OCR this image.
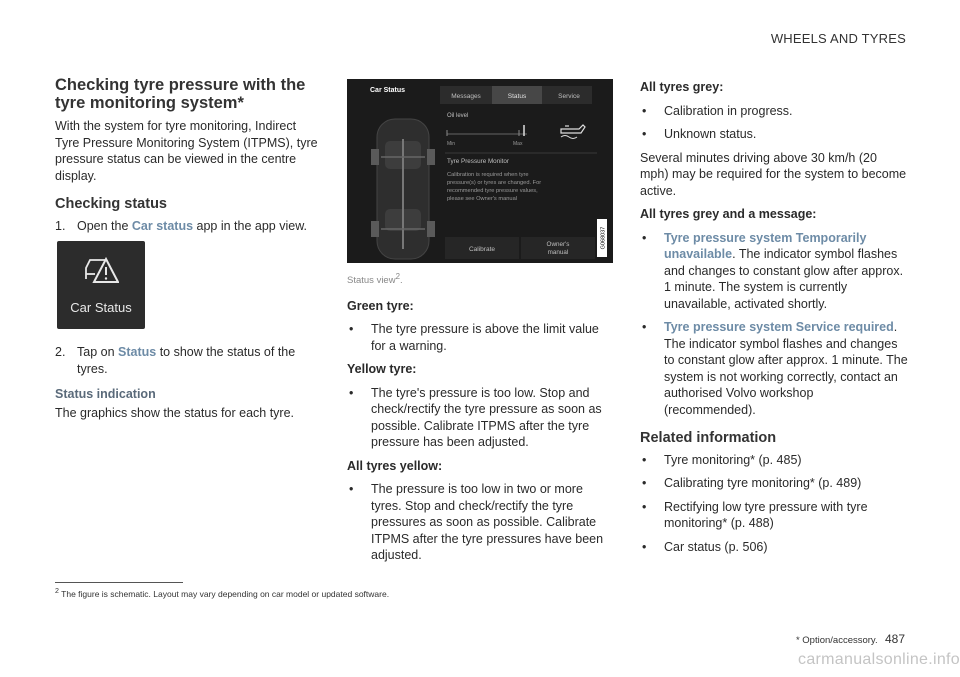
WHEELS AND TYRES
Checking tyre pressure with the tyre monitoring system*

With the system for tyre monitoring, Indirect Tyre Pressure Monitoring System (ITPMS), tyre pressure status can be viewed in the centre display.

Checking status
1. Open the Car status app in the app view.
Car Status
2. Tap on Status to show the status of the tyres.
Status indication

The graphics show the status for each tyre.

Car Status
Messages	Status	Service
Oil level
Min	Max
Tyre Pressure Monitor
Calibration is required when tyre
pressure(s) or tyres are changed. For
recommended tyre pressure values,
please see Owner's manual
Calibrate
Owner's
manual
G068037

Status view$^2$.

Green tyre:
•	The tyre pressure is above the limit value for a warning.
Yellow tyre:
•	The tyre's pressure is too low. Stop and check/rectify the tyre pressure as soon as possible. Calibrate ITPMS after the tyre pressure has been adjusted.
All tyres yellow:
•	The pressure is too low in two or more tyres. Stop and check/rectify the tyre pressures as soon as possible. Calibrate ITPMS after the tyre pressures have been adjusted.
All tyres grey:
•	Calibration in progress.
•	Unknown status.

Several minutes driving above 30 km/h (20 mph) may be required for the system to become active.

All tyres grey and a message:
•	Tyre pressure system Temporarily unavailable. The indicator symbol flashes and changes to constant glow after approx. 1 minute. The system is currently unavailable, activated shortly.
•	Tyre pressure system Service required. The indicator symbol flashes and changes to constant glow after approx. 1 minute. The system is not working correctly, contact an authorised Volvo workshop (recommended).
Related information
•	Tyre monitoring* (p. 485)
•	Calibrating tyre monitoring* (p. 489)
•	Rectifying low tyre pressure with tyre monitoring* (p. 488)
•	Car status (p. 506)
$^2$ The figure is schematic. Layout may vary depending on car model or updated software.
* Option/accessory. 487
carmanualsonline.info
